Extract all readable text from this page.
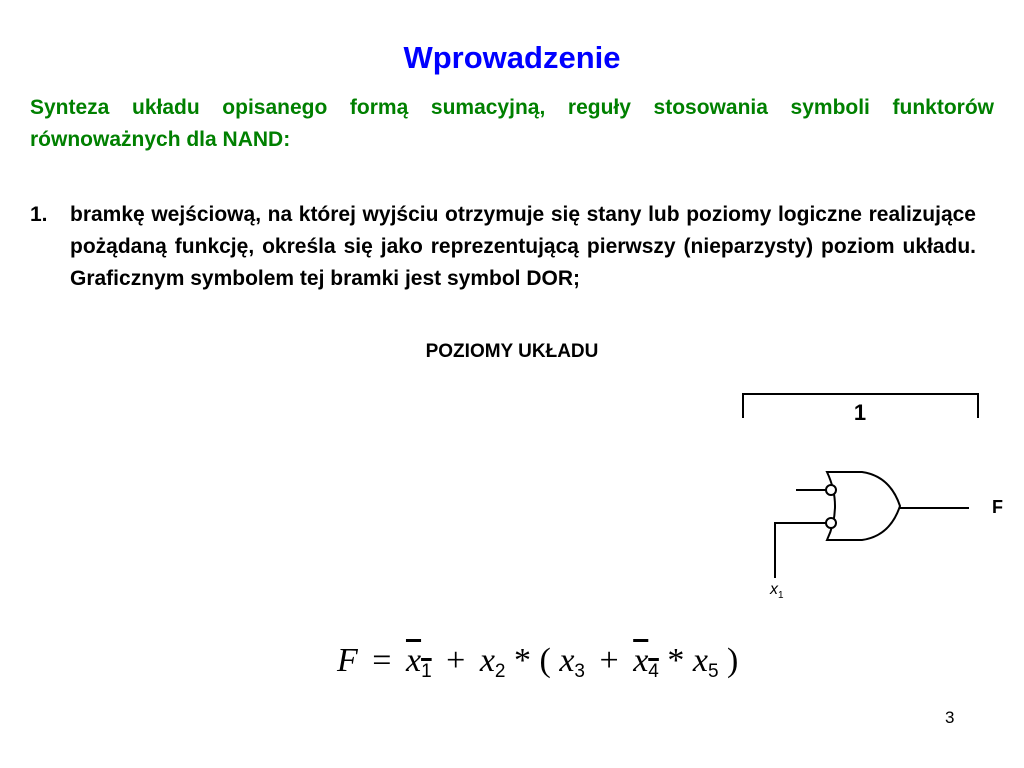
Wprowadzenie
Synteza układu opisanego formą sumacyjną, reguły stosowania symboli funktorów równoważnych dla NAND:
1. bramkę wejściową, na której wyjściu otrzymuje się stany lub poziomy logiczne realizujące pożądaną funkcję, określa się jako reprezentującą pierwszy (nieparzysty) poziom układu. Graficznym symbolem tej bramki jest symbol DOR;
POZIOMY UKŁADU
1
F
$x_1$
F = x1 + x2 * ( x3 + x4 * x5 )
3
